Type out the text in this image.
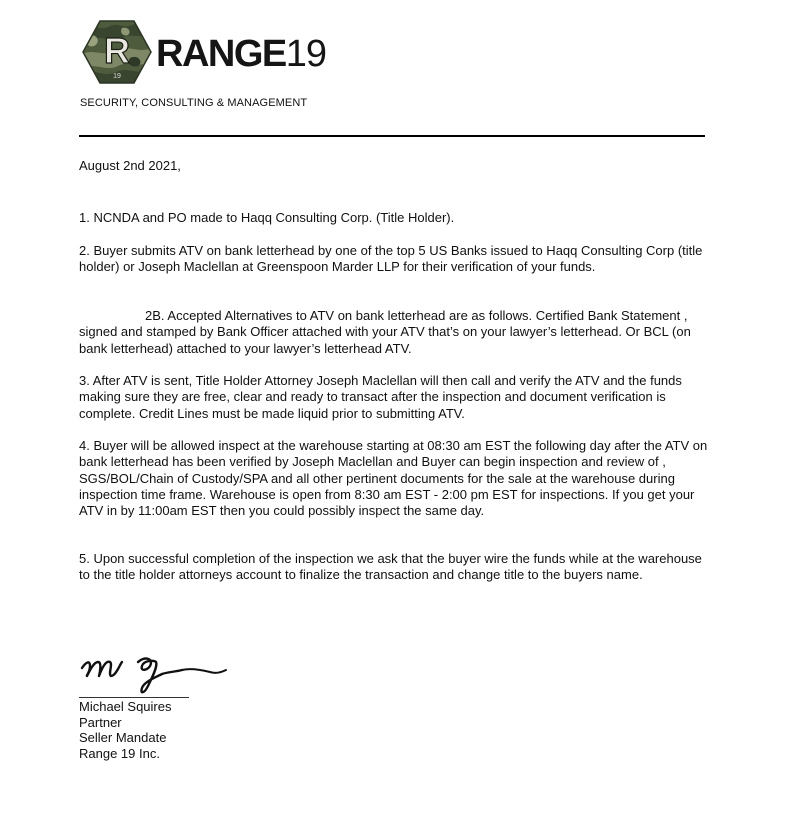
R
19
RANGE19
SECURITY, CONSULTING & MANAGEMENT
August 2nd 2021,

1. NCNDA and PO made to Haqq Consulting Corp. (Title Holder).

2. Buyer submits ATV on bank letterhead by one of the top 5 US Banks issued to Haqq Consulting Corp (title holder) or Joseph Maclellan at Greenspoon Marder LLP for their verification of your funds.

2B. Accepted Alternatives to ATV on bank letterhead are as follows. Certified Bank Statement , signed and stamped by Bank Officer attached with your ATV that’s on your lawyer’s letterhead. Or BCL (on bank letterhead) attached to your lawyer’s letterhead ATV.

3. After ATV is sent, Title Holder Attorney Joseph Maclellan will then call and verify the ATV and the funds making sure they are free, clear and ready to transact after the inspection and document verification is complete. Credit Lines must be made liquid prior to submitting ATV.

4. Buyer will be allowed inspect at the warehouse starting at 08:30 am EST the following day after the ATV on bank letterhead has been verified by Joseph Maclellan and Buyer can begin inspection and review of , SGS/BOL/Chain of Custody/SPA and all other pertinent documents for the sale at the warehouse during inspection time frame. Warehouse is open from 8:30 am EST - 2:00 pm EST for inspections. If you get your ATV in by 11:00am EST then you could possibly inspect the same day.

5. Upon successful completion of the inspection we ask that the buyer wire the funds while at the warehouse to the title holder attorneys account to finalize the transaction and change title to the buyers name.

Michael Squires
Partner
Seller Mandate
Range 19 Inc.
